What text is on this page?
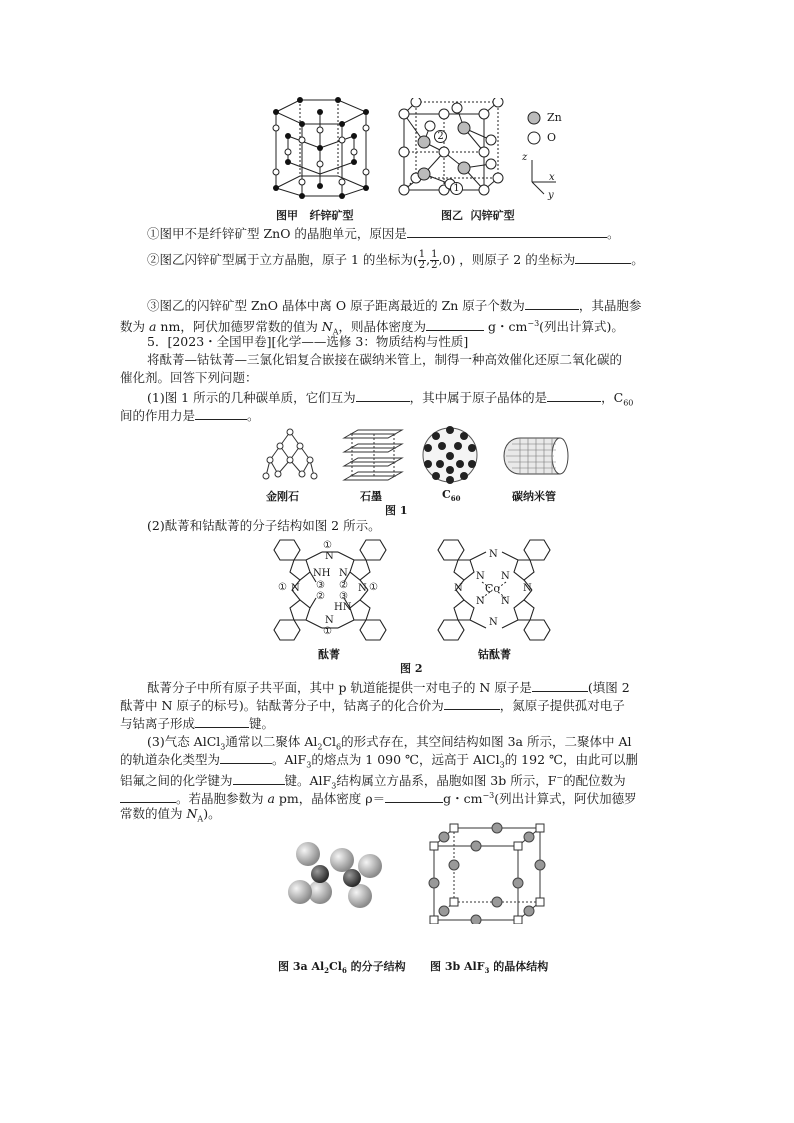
图甲 纤锌矿型
Zn
O
2
1
z
x
y
图乙 闪锌矿型
①图甲不是纤锌矿型 ZnO 的晶胞单元，原因是	。
②图乙闪锌矿型属于立方晶胞，原子 1 的坐标为( $\frac{1}{2}$ , $\frac{1}{2} ,0$) ，则原子 2 的坐标为	。
③图乙的闪锌矿型 ZnO 晶体中离 O 原子距离最近的 Zn 原子个数为	，其晶胞参
数为 a nm，阿伏加德罗常数的值为 $N_A$，则晶体密度为	g・$cm^{-3}$(列出计算式)。
5．[2023・全国甲卷][化学——选修 3：物质结构与性质]
将酞菁—钴钛菁—三氯化铝复合嵌接在碳纳米管上，制得一种高效催化还原二氧化碳的
催化剂。回答下列问题：
(1)图 1 所示的几种碳单质，它们互为	，其中属于原子晶体的是	，$C_{60}$
间的作用力是	。
金刚石	石墨	$C_{60}$	碳纳米管
图 1
(2)酞菁和钴酞菁的分子结构如图 2 所示。
①
N
① N
NH
③
②
N
②
③
HN
N ①
N
①
N
N N
N Co N
N N
N
酞菁	钴酞菁
图 2
酞菁分子中所有原子共平面，其中 p 轨道能提供一对电子的 N 原子是	(填图 2
酞菁中 N 原子的标号)。钴酞菁分子中，钴离子的化合价为	，氮原子提供孤对电子
与钴离子形成	键。
(3)气态 AlCl$_3$通常以二聚体 $Al_2Cl_6$的形式存在，其空间结构如图 3a 所示，二聚体中 Al
的轨道杂化类型为	。AlF$_3$的熔点为 1 090 ℃，远高于 AlCl$_3$的 192 ℃，由此可以删
铝氟之间的化学键为	键。AlF$_3$结构属立方晶系，晶胞如图 3b 所示，F−的配位数为
。若晶胞参数为 a pm，晶体密度 ρ＝	g・$cm^{-3}$(列出计算式，阿伏加德罗
常数的值为 $N_A$)。
图 3a $Al_2Cl_6$ 的分子结构 图 3b AlF$_3$ 的晶体结构
